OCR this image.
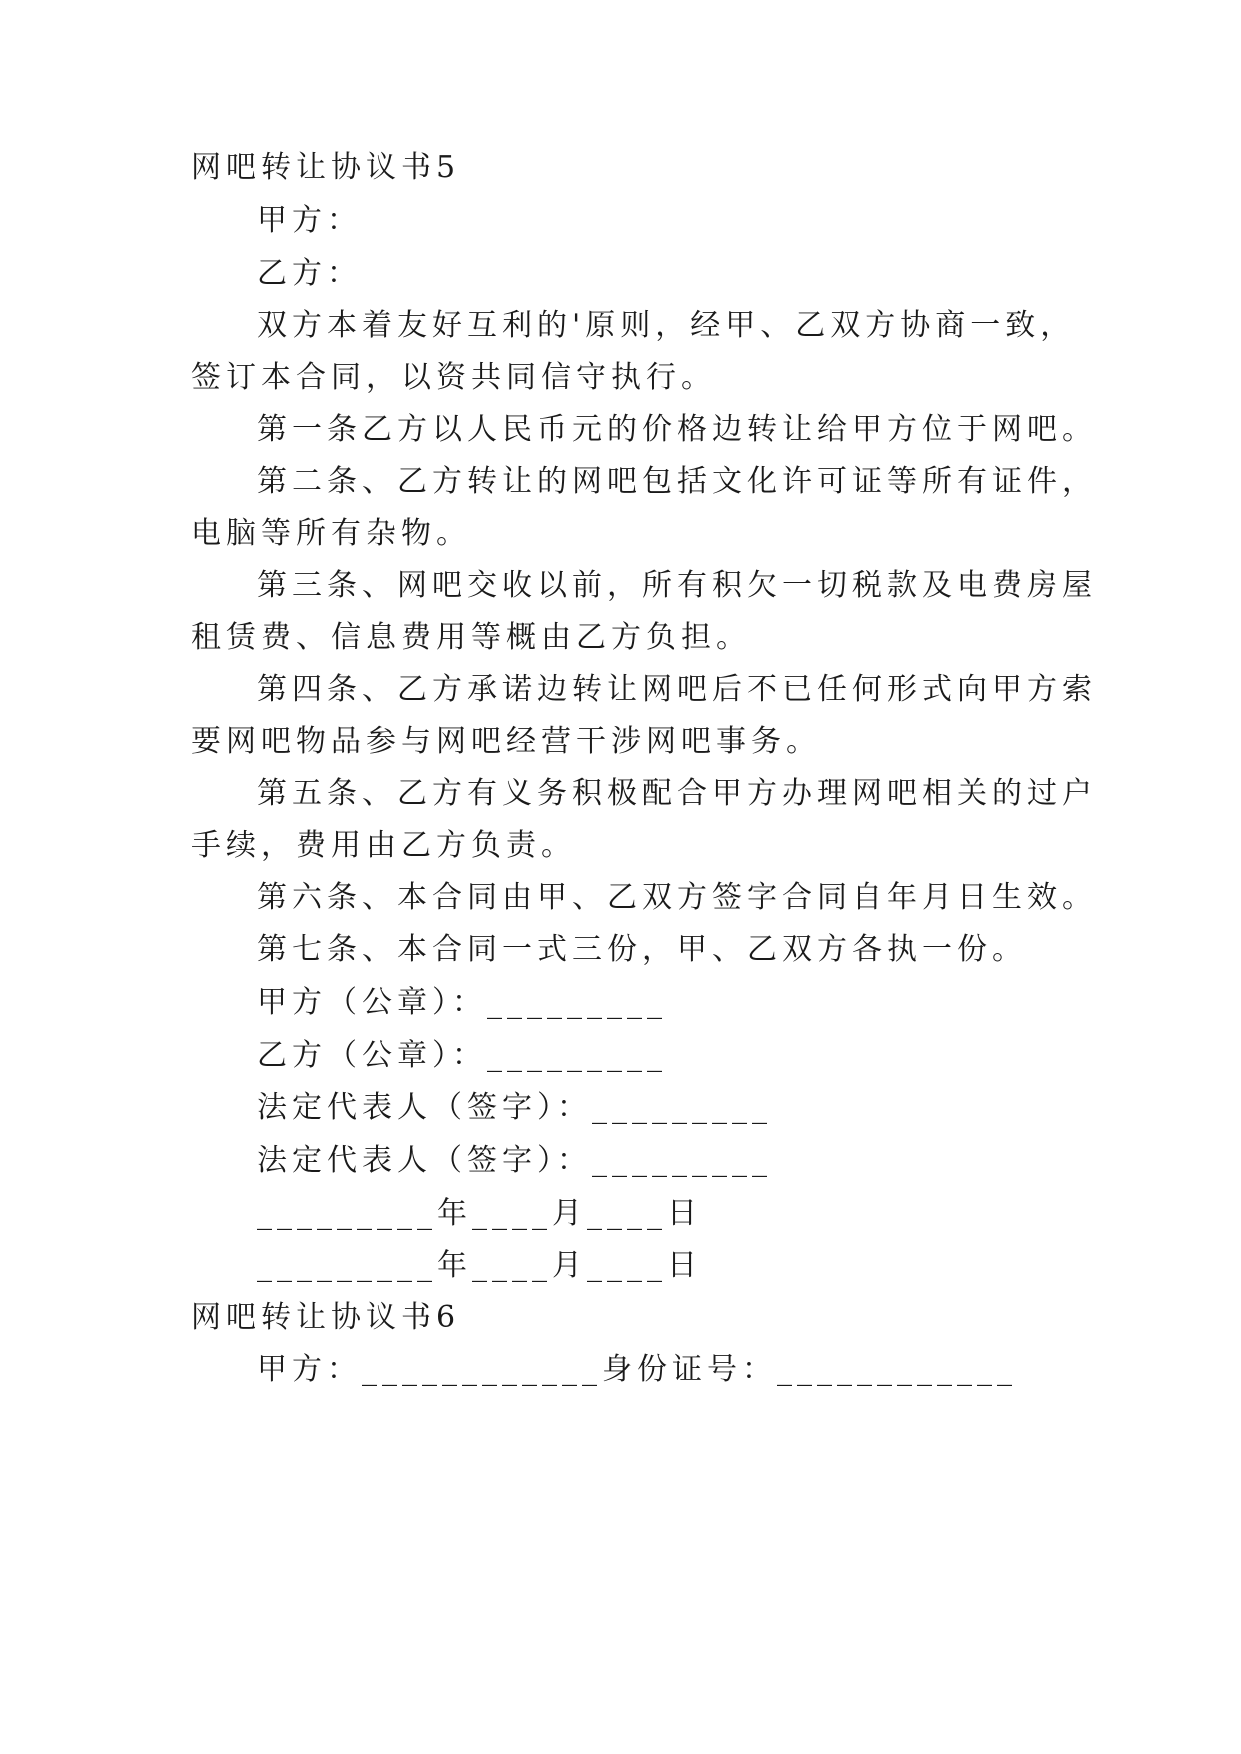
网吧转让协议书5
甲方：
乙方：
双方本着友好互利的'原则，经甲、乙双方协商一致，
签订本合同，以资共同信守执行。
第一条乙方以人民币元的价格边转让给甲方位于网吧。
第二条、乙方转让的网吧包括文化许可证等所有证件，
电脑等所有杂物。
第三条、网吧交收以前，所有积欠一切税款及电费房屋
租赁费、信息费用等概由乙方负担。
第四条、乙方承诺边转让网吧后不已任何形式向甲方索
要网吧物品参与网吧经营干涉网吧事务。
第五条、乙方有义务积极配合甲方办理网吧相关的过户
手续，费用由乙方负责。
第六条、本合同由甲、乙双方签字合同自年月日生效。
第七条、本合同一式三份，甲、乙双方各执一份。
甲方（公章）：_________
乙方（公章）：_________
法定代表人（签字）：_________
法定代表人（签字）：_________
_________年____月____日
_________年____月____日
网吧转让协议书6
甲方：____________身份证号：____________
